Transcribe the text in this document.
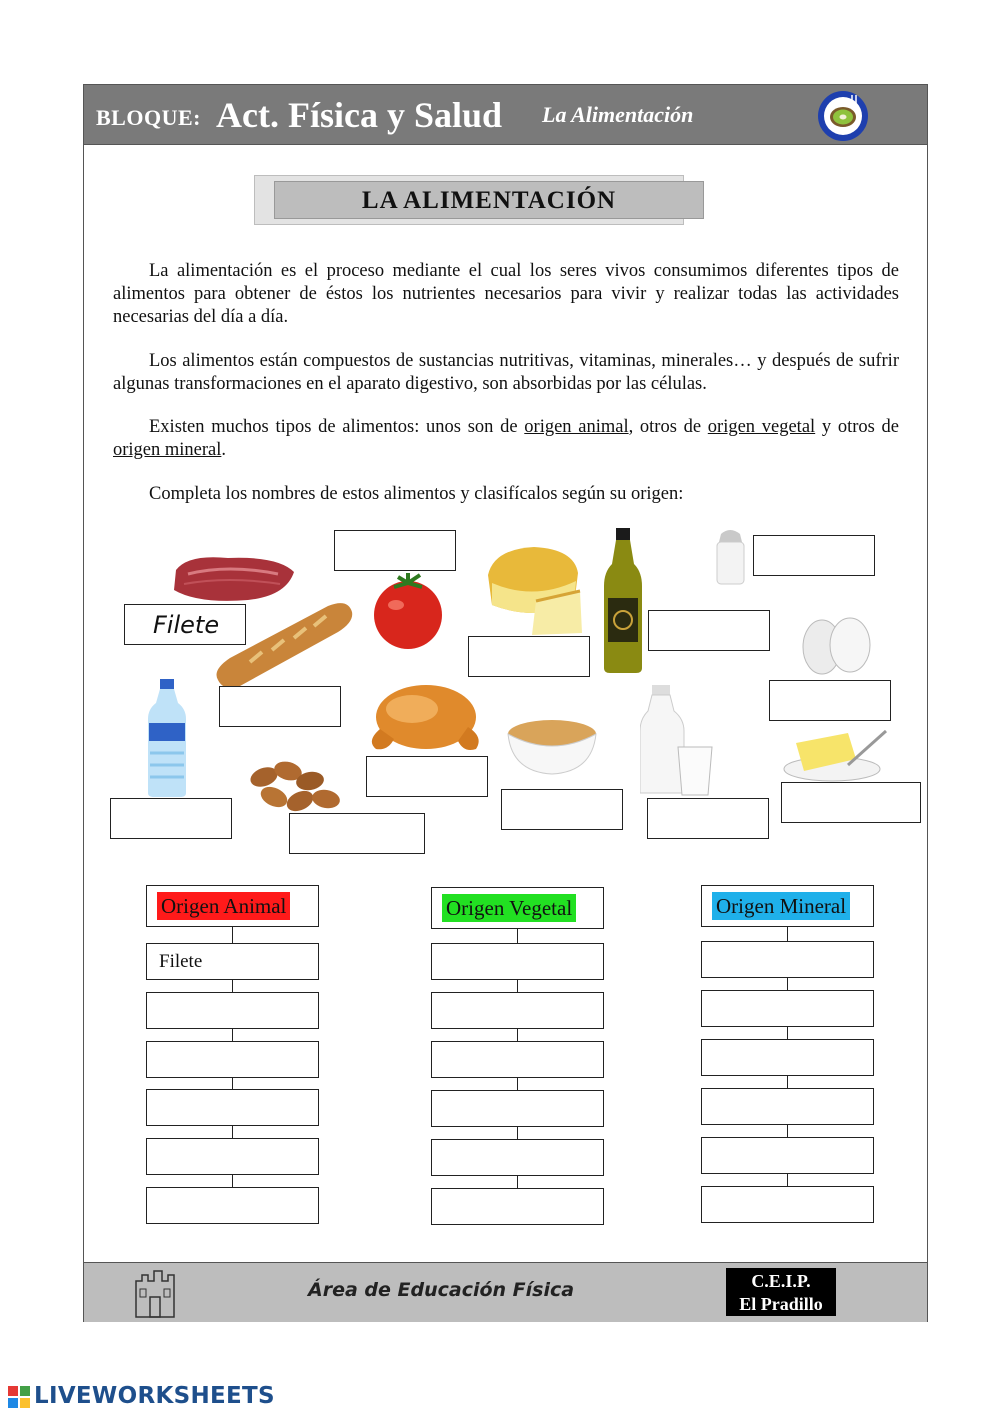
BLOQUE: Act. Física y Salud La Alimentación
LA ALIMENTACIÓN

La alimentación es el proceso mediante el cual los seres vivos consumimos diferentes tipos de alimentos para obtener de éstos los nutrientes necesarios para vivir y realizar todas las actividades necesarias del día a día.

Los alimentos están compuestos de sustancias nutritivas, vitaminas, minerales… y después de sufrir algunas transformaciones en el aparato digestivo, son absorbidas por las células.

Existen muchos tipos de alimentos: unos son de origen animal, otros de origen vegetal y otros de origen mineral.

Completa los nombres de estos alimentos y clasifícalos según su origen:

Filete
Origen Animal
Filete
Origen Vegetal	Origen Mineral
Área de Educación Física	C.E.I.P.
El Pradillo
LIVEWORKSHEETS
